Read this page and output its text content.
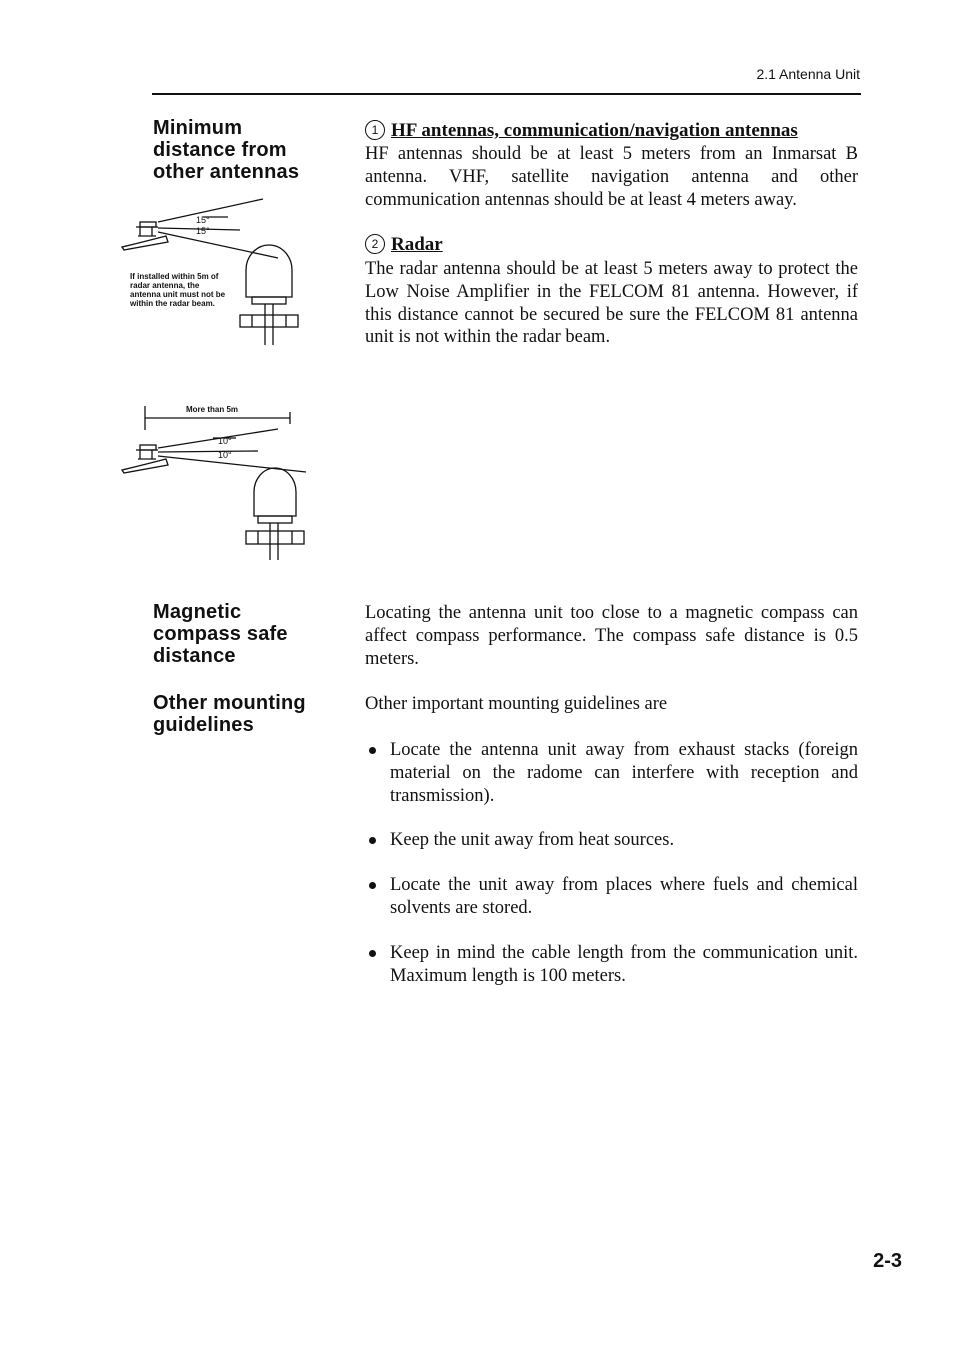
2.1 Antenna Unit
Minimum
distance from
other antennas
1 HF antennas, communication/navigation antennas
HF antennas should be at least 5 meters from an Inmarsat B antenna. VHF, satellite navigation antenna and other communication antennas should be at least 4 meters away.
2 Radar
The radar antenna should be at least 5 meters away to protect the Low Noise Amplifier in the FELCOM 81 antenna. However, if this distance cannot be secured be sure the FELCOM 81 antenna unit is not within the radar beam.
15°
15°
If installed within 5m of
radar antenna, the
antenna unit must not be
within the radar beam.
More than 5m
10°
10°
Magnetic
compass safe
distance
Locating the antenna unit too close to a magnetic compass can affect compass performance. The compass safe distance is 0.5 meters.
Other mounting
guidelines
Other important mounting guidelines are
Locate the antenna unit away from exhaust stacks (foreign material on the radome can interfere with reception and transmission).
Keep the unit away from heat sources.
Locate the unit away from places where fuels and chemical solvents are stored.
Keep in mind the cable length from the communication unit. Maximum length is 100 meters.
2-3
